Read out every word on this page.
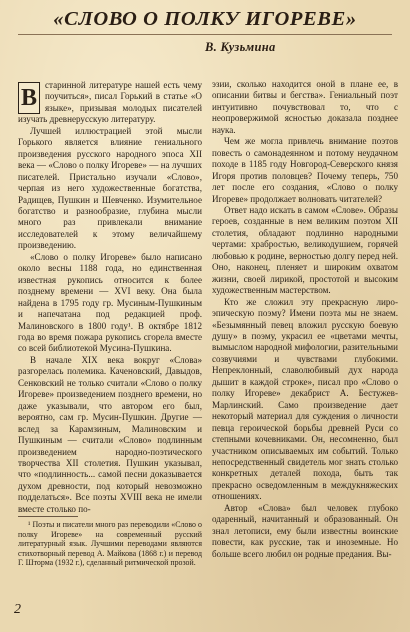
«СЛОВО О ПОЛКУ ИГОРЕВЕ»
В. Кузьмина

В старинной литературе нашей есть чему поучиться», писал Горький в статье «О языке», призывая молодых писателей изучать древнерусскую литературу.

Лучшей иллюстрацией этой мысли Горького является влияние гениального произведения русского народного эпоса XII века — «Слово о полку Игореве» — на лучших писателей. Пристально изучали «Слово», черпая из него художественные богатства, Радищев, Пушкин и Шевченко. Изумительное богатство и разнообразие, глубина мысли много раз привлекали внимание исследователей к этому величайшему произведению.

«Слово о полку Игореве» было написано около весны 1188 года, но единственная известная рукопись относится к более позднему времени — XVI веку. Она была найдена в 1795 году гр. Мусиным-Пушкиным и напечатана под редакцией проф. Малиновского в 1800 году¹. В октябре 1812 года во время пожара рукопись сгорела вместе со всей библиотекой Мусина-Пушкина.

В начале XIX века вокруг «Слова» разгорелась полемика. Каченовский, Давыдов, Сенковский не только считали «Слово о полку Игореве» произведением позднего времени, но даже указывали, что автором его был, вероятно, сам гр. Мусин-Пушкин. Другие — вслед за Карамзиным, Малиновским и Пушкиным — считали «Слово» подлинным произведением народно-поэтического творчества XII столетия. Пушкин указывал, что «подлинность... самой песни доказывается духом древности, под который невозможно подделаться». Все поэты XVIII века не имели вместе столько по-

¹ Поэты и писатели много раз переводили «Слово о полку Игореве» на современный русский литературный язык. Лучшими переводами являются стихотворный перевод А. Майкова (1868 г.) и перевод Г. Шторма (1932 г.), сделанный ритмической прозой.

эзии, сколько находится оной в плане ее, в описании битвы и бегства». Гениальный поэт интуитивно почувствовал то, что с неопровержимой ясностью доказала позднее наука.

Чем же могла привлечь внимание поэтов повесть о самонадеянном и потому неудачном походе в 1185 году Новгород-Северского князя Игоря против половцев? Почему теперь, 750 лет после его создания, «Слово о полку Игореве» продолжает волновать читателей?

Ответ надо искать в самом «Слове». Образы героев, созданные в нем великим поэтом XII столетия, обладают подлинно народными чертами: храбростью, великодушием, горячей любовью к родине, верностью долгу перед ней. Оно, наконец, пленяет и широким охватом жизни, своей лирикой, простотой и высоким художественным мастерством.

Кто же сложил эту прекрасную лиро-эпическую поэму? Имени поэта мы не знаем. «Безымянный певец вложил русскую боевую душу» в поэму, украсил ее «цветами мечты, вымыслом народной мифологии, разительными созвучиями и чувствами глубокими. Непреклонный, славолюбивый дух народа дышит в каждой строке», писал про «Слово о полку Игореве» декабрист А. Бестужев-Марлинский. Само произведение дает некоторый материал для суждения о личности певца героической борьбы древней Руси со степными кочевниками. Он, несомненно, был участником описываемых им событий. Только непосредственный свидетель мог знать столько конкретных деталей похода, быть так прекрасно осведомленным в междукняжеских отношениях.

Автор «Слова» был человек глубоко одаренный, начитанный и образованный. Он знал летописи, ему были известны воинские повести, как русские, так и иноземные. Но больше всего любил он родные предания. Вы-

2
